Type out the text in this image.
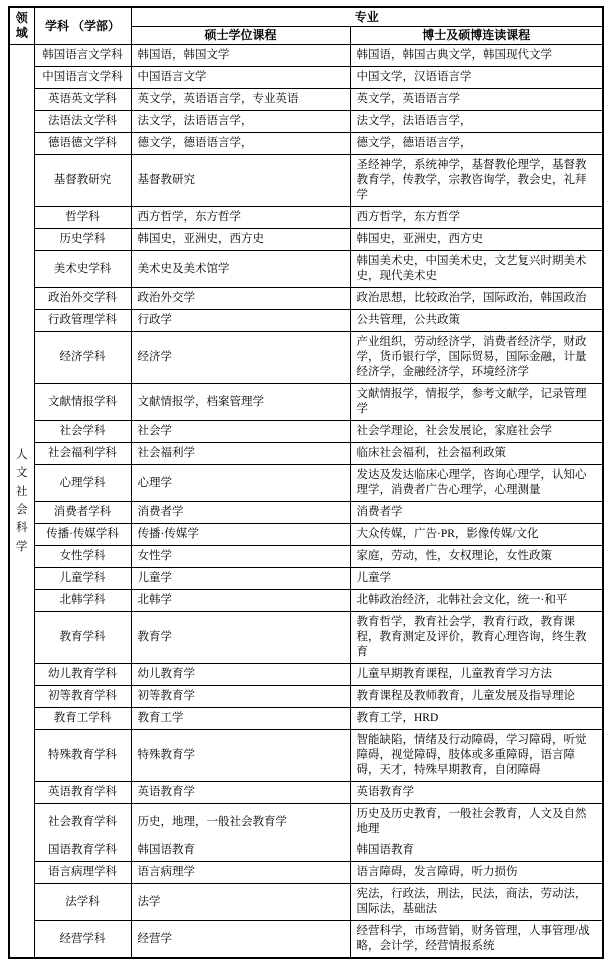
领域	学科 （学部）	专业	
		硕士学位课程	博士及硕博连读课程
人文社会科学	韩国语言文学科	韩国语，韩国文学	韩国语，韩国古典文学，韩国现代文学
	中国语言文学科	中国语言文学	中国文学，汉语语言学
	英语英文学科	英文学，英语语言学，专业英语	英文学，英语语言学
	法语法文学科	法文学，法语语言学，	法文学，法语语言学，
	德语德文学科	德文学，德语语言学，	德文学，德语语言学，
	基督教研究	基督教研究	圣经神学，系统神学，基督教伦理学，基督教教育学，传教学，宗教咨询学，教会史，礼拜学
	哲学科	西方哲学，东方哲学	西方哲学，东方哲学
	历史学科	韩国史，亚洲史，西方史	韩国史，亚洲史，西方史
	美术史学科	美术史及美术馆学	韩国美术史，中国美术史，文艺复兴时期美术史，现代美术史
	政治外交学科	政治外交学	政治思想，比较政治学，国际政治，韩国政治
	行政管理学科	行政学	公共管理，公共政策
	经济学科	经济学	产业组织，劳动经济学，消费者经济学，财政学，货币银行学，国际贸易，国际金融，计量经济学，金融经济学，环境经济学
	文献情报学科	文献情报学，档案管理学	文献情报学，情报学，参考文献学，记录管理学
	社会学科	社会学	社会学理论，社会发展论，家庭社会学
	社会福利学科	社会福利学	临床社会福利，社会福利政策
	心理学科	心理学	发达及发达临床心理学，咨询心理学，认知心理学，消费者广告心理学，心理测量
	消费者学科	消费者学	消费者学
	传播·传媒学科	传播·传媒学	大众传媒，广告·PR，影像传媒/文化
	女性学科	女性学	家庭，劳动，性，女权理论，女性政策
	儿童学科	儿童学	儿童学
	北韩学科	北韩学	北韩政治经济，北韩社会文化，统一·和平
	教育学科	教育学	教育哲学，教育社会学，教育行政，教育课程，教育测定及评价，教育心理咨询，终生教育
	幼儿教育学科	幼儿教育学	儿童早期教育课程，儿童教育学习方法
	初等教育学科	初等教育学	教育课程及教师教育，儿童发展及指导理论
	教育工学科	教育工学	教育工学，HRD
	特殊教育学科	特殊教育学	智能缺陷，情绪及行动障碍，学习障碍，听觉障碍，视觉障碍，肢体或多重障碍，语言障碍，天才，特殊早期教育，自闭障碍
	英语教育学科	英语教育学	英语教育学
	社会教育学科	历史，地理，一般社会教育学	历史及历史教育，一般社会教育，人文及自然地理
	国语教育学科	韩国语教育	韩国语教育
	语言病理学科	语言病理学	语言障碍，发言障碍，听力损伤
	法学科	法学	宪法，行政法，刑法，民法，商法，劳动法，国际法，基础法
	经营学科	经营学	经营科学，市场营销，财务管理，人事管理/战略，会计学，经营情报系统
